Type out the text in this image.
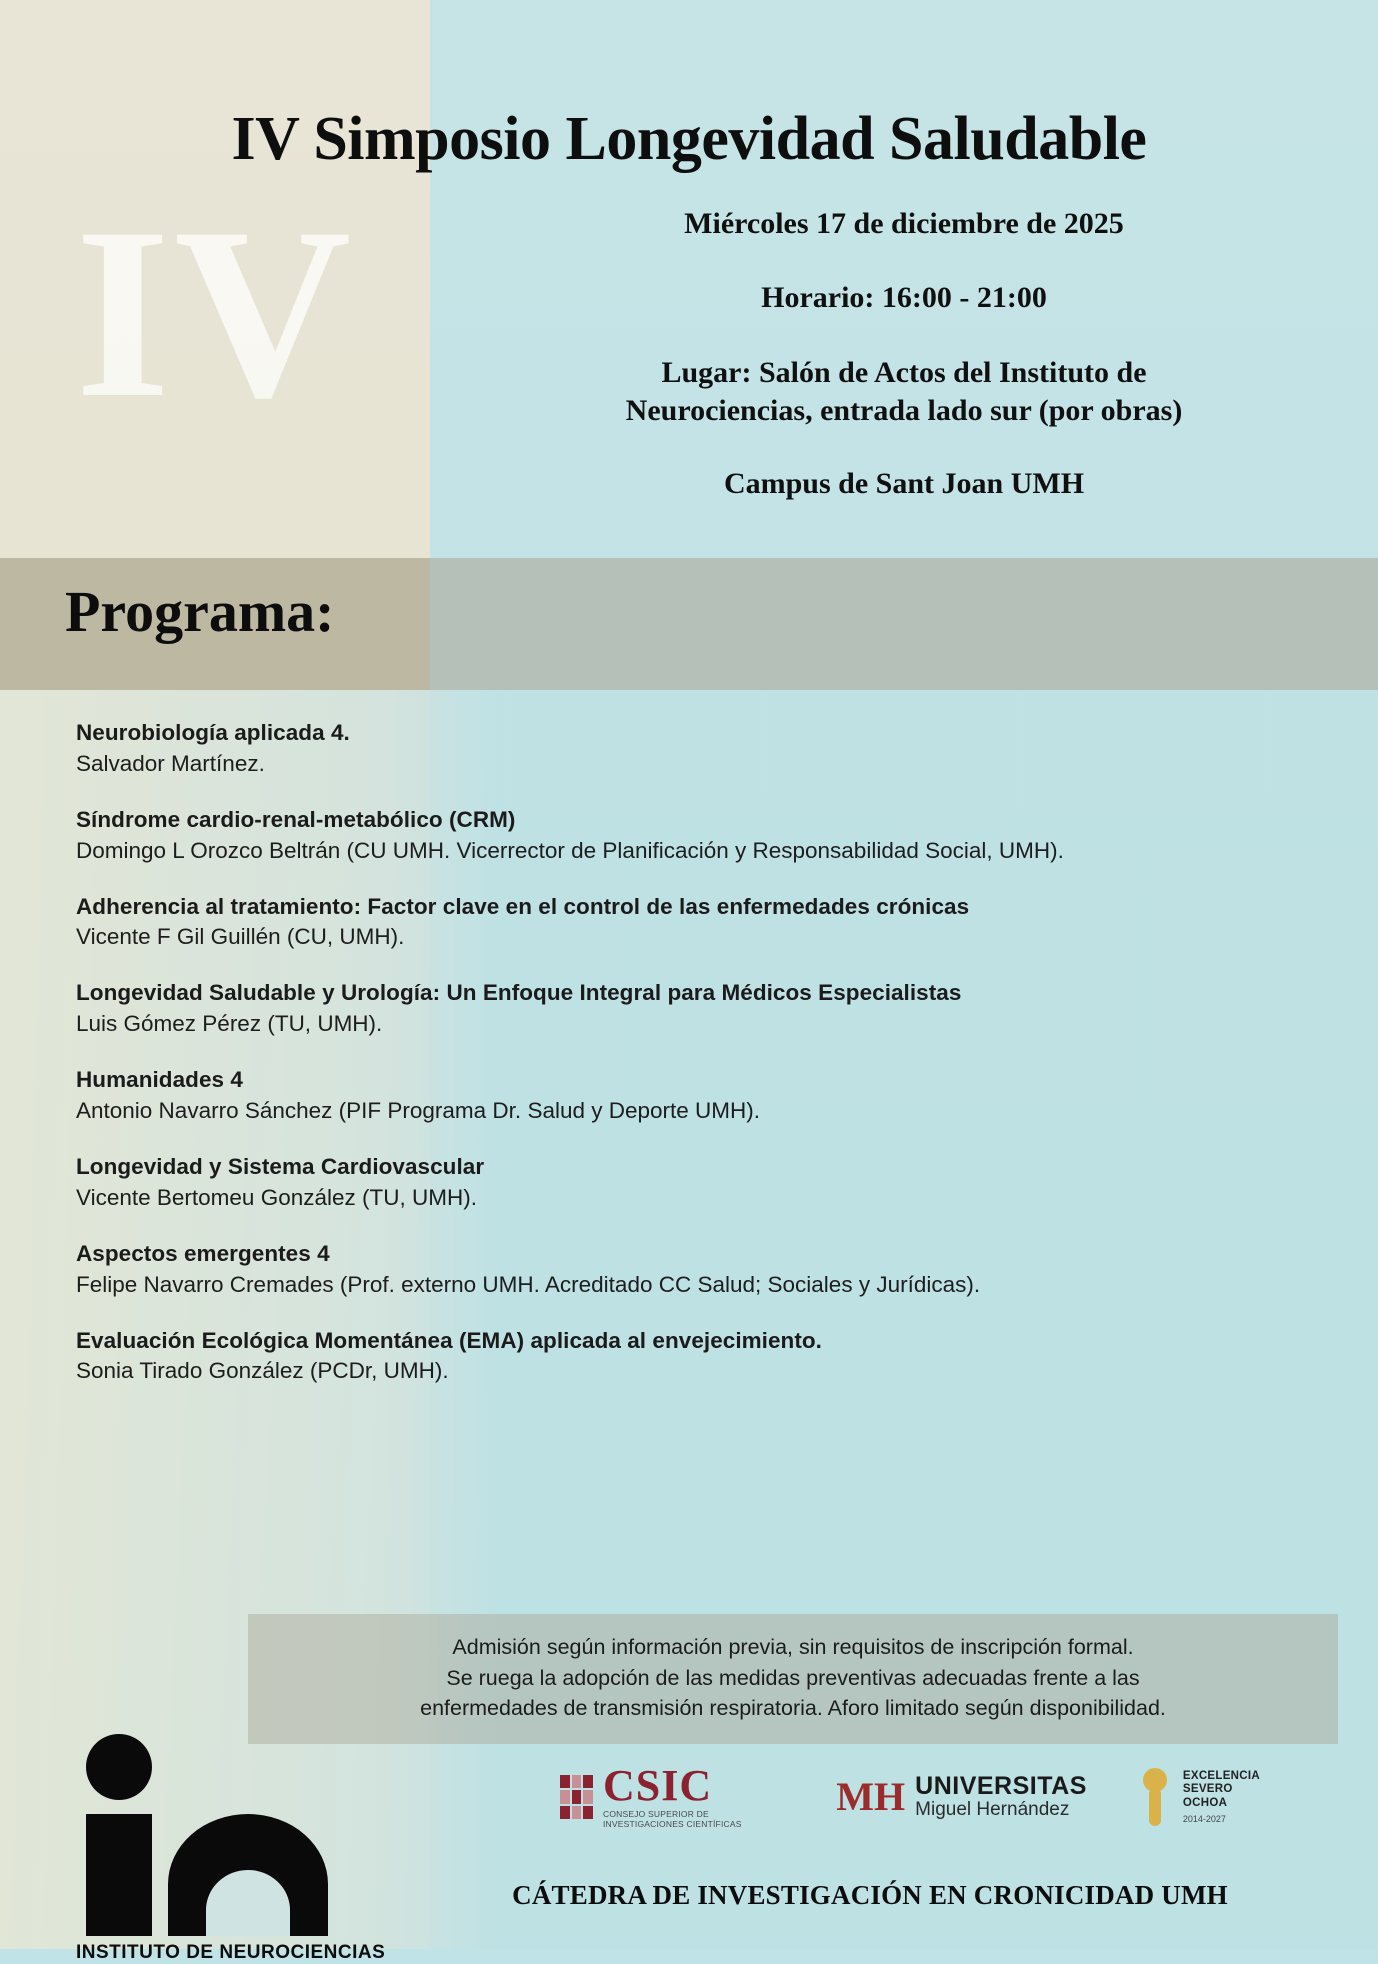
IV
IV Simposio Longevidad Saludable
Miércoles 17 de diciembre de 2025
Horario: 16:00 - 21:00
Lugar: Salón de Actos del Instituto de
Neurociencias, entrada lado sur (por obras)
Campus de Sant Joan UMH
Programa:
Neurobiología aplicada 4.
Salvador Martínez.
Síndrome cardio-renal-metabólico (CRM)
Domingo L Orozco Beltrán (CU UMH. Vicerrector de Planificación y Responsabilidad Social, UMH).
Adherencia al tratamiento: Factor clave en el control de las enfermedades crónicas
Vicente F Gil Guillén (CU, UMH).
Longevidad Saludable y Urología: Un Enfoque Integral para Médicos Especialistas
Luis Gómez Pérez (TU, UMH).
Humanidades 4
Antonio Navarro Sánchez (PIF Programa Dr. Salud y Deporte UMH).
Longevidad y Sistema Cardiovascular
Vicente Bertomeu González (TU, UMH).
Aspectos emergentes 4
Felipe Navarro Cremades (Prof. externo UMH. Acreditado CC Salud; Sociales y Jurídicas).
Evaluación Ecológica Momentánea (EMA) aplicada al envejecimiento.
Sonia Tirado González (PCDr, UMH).

Admisión según información previa, sin requisitos de inscripción formal.

Se ruega la adopción de las medidas preventivas adecuadas frente a las

enfermedades de transmisión respiratoria. Aforo limitado según disponibilidad.

INSTITUTO DE NEUROCIENCIAS
CSIC
CONSEJO SUPERIOR DE INVESTIGACIONES CIENTÍFICAS
MH UNIVERSITAS
Miguel Hernández
EXCELENCIA
SEVERO
OCHOA
2014-2027
CÁTEDRA DE INVESTIGACIÓN EN CRONICIDAD UMH
